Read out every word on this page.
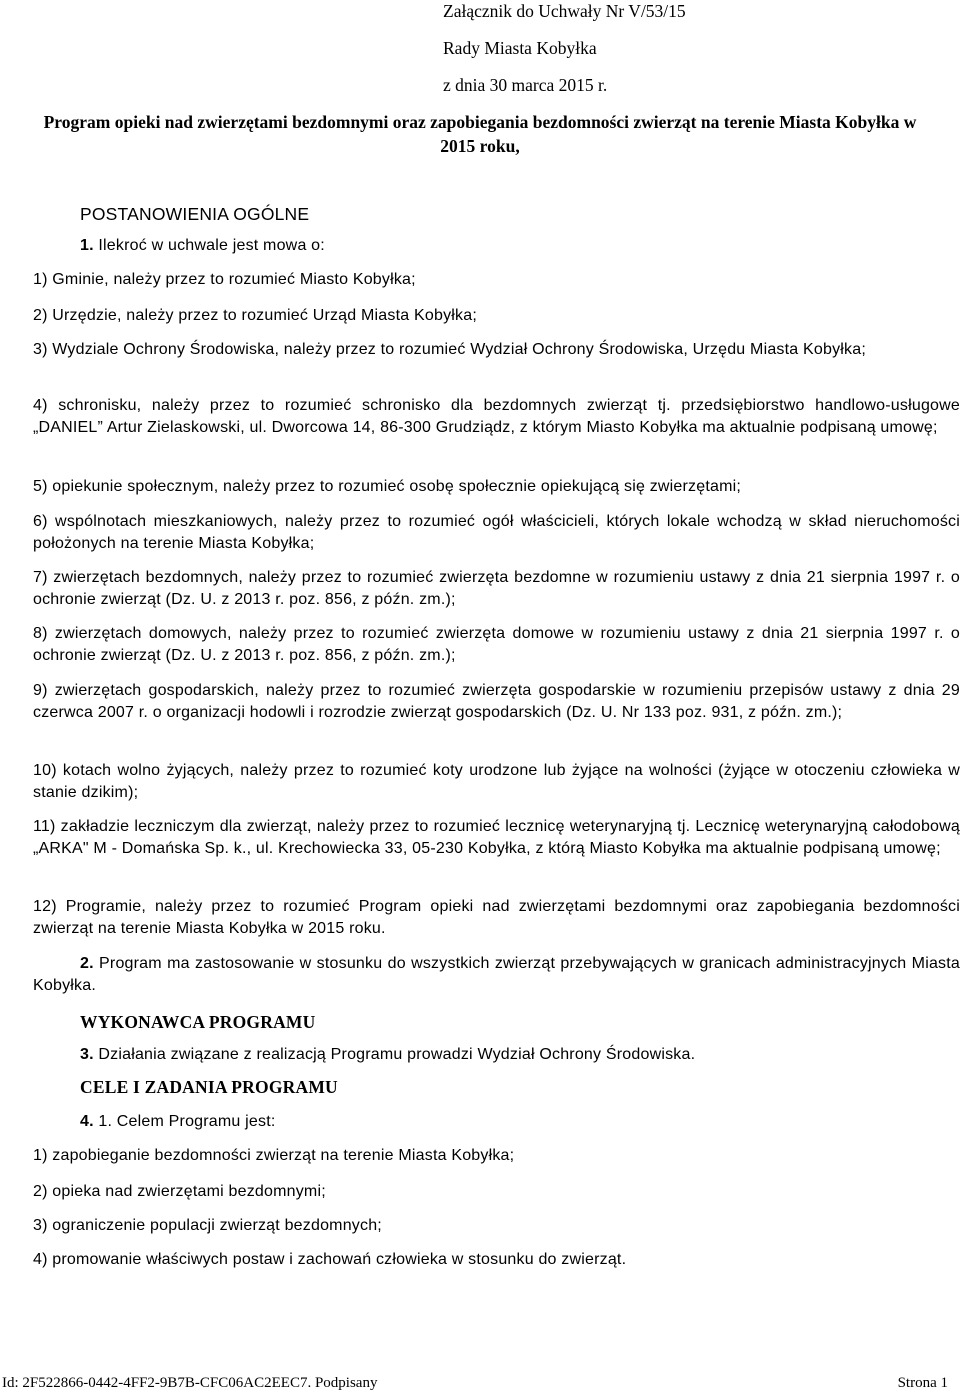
Załącznik do Uchwały Nr V/53/15
Rady Miasta Kobyłka
z dnia 30 marca 2015 r.
Program opieki nad zwierzętami bezdomnymi oraz zapobiegania bezdomności zwierząt na terenie Miasta Kobyłka w 2015 roku,
POSTANOWIENIA OGÓLNE
1. Ilekroć w uchwale jest mowa o:
1) Gminie, należy przez to rozumieć Miasto Kobyłka;
2) Urzędzie, należy przez to rozumieć Urząd Miasta Kobyłka;
3) Wydziale Ochrony Środowiska, należy przez to rozumieć Wydział Ochrony Środowiska, Urzędu Miasta Kobyłka;
4) schronisku, należy przez to rozumieć schronisko dla bezdomnych zwierząt tj. przedsiębiorstwo handlowo-usługowe „DANIEL” Artur Zielaskowski, ul. Dworcowa 14, 86-300 Grudziądz, z którym Miasto Kobyłka ma aktualnie podpisaną umowę;
5) opiekunie społecznym, należy przez to rozumieć osobę społecznie opiekującą się zwierzętami;
6) wspólnotach mieszkaniowych, należy przez to rozumieć ogół właścicieli, których lokale wchodzą w skład nieruchomości położonych na terenie Miasta Kobyłka;
7) zwierzętach bezdomnych, należy przez to rozumieć zwierzęta bezdomne w rozumieniu ustawy z dnia 21 sierpnia 1997 r. o ochronie zwierząt (Dz. U. z 2013 r. poz. 856, z późn. zm.);
8) zwierzętach domowych, należy przez to rozumieć zwierzęta domowe w rozumieniu ustawy z dnia 21 sierpnia 1997 r. o ochronie zwierząt (Dz. U. z 2013 r. poz. 856, z późn. zm.);
9) zwierzętach gospodarskich, należy przez to rozumieć zwierzęta gospodarskie w rozumieniu przepisów ustawy z dnia 29 czerwca 2007 r. o organizacji hodowli i rozrodzie zwierząt gospodarskich (Dz. U. Nr 133 poz. 931, z późn. zm.);
10) kotach wolno żyjących, należy przez to rozumieć koty urodzone lub żyjące na wolności (żyjące w otoczeniu człowieka w stanie dzikim);
11) zakładzie leczniczym dla zwierząt, należy przez to rozumieć lecznicę weterynaryjną tj. Lecznicę weterynaryjną całodobową „ARKA" M - Domańska Sp. k., ul. Krechowiecka 33, 05-230 Kobyłka, z którą Miasto Kobyłka ma aktualnie podpisaną umowę;
12) Programie, należy przez to rozumieć Program opieki nad zwierzętami bezdomnymi oraz zapobiegania bezdomności zwierząt na terenie Miasta Kobyłka w 2015 roku.
2. Program ma zastosowanie w stosunku do wszystkich zwierząt przebywających w granicach administracyjnych Miasta Kobyłka.
WYKONAWCA PROGRAMU
3. Działania związane z realizacją Programu prowadzi Wydział Ochrony Środowiska.
CELE I ZADANIA PROGRAMU
4. 1. Celem Programu jest:
1) zapobieganie bezdomności zwierząt na terenie Miasta Kobyłka;
2) opieka nad zwierzętami bezdomnymi;
3) ograniczenie populacji zwierząt bezdomnych;
4) promowanie właściwych postaw i zachowań człowieka w stosunku do zwierząt.
Id: 2F522866-0442-4FF2-9B7B-CFC06AC2EEC7. Podpisany	Strona 1
